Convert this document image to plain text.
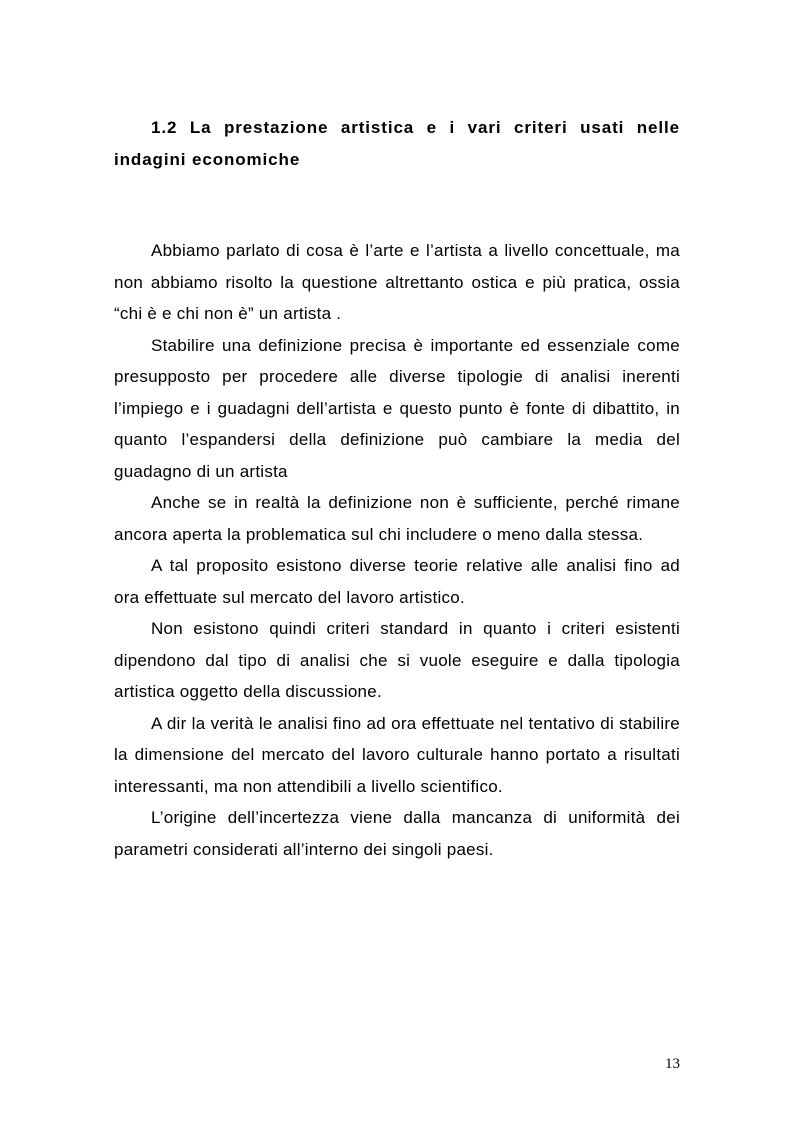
1.2 La prestazione artistica e i vari criteri usati nelle indagini economiche

Abbiamo parlato di cosa è l’arte e l’artista a livello concettuale, ma non abbiamo risolto la questione altrettanto ostica e più pratica, ossia “chi è e chi non è” un artista .

Stabilire una definizione precisa è importante ed essenziale come presupposto per procedere alle diverse tipologie di analisi inerenti l’impiego e i guadagni dell’artista e questo punto è fonte di dibattito, in quanto l’espandersi della definizione può cambiare la media del guadagno di un artista

Anche se in realtà la definizione non è sufficiente, perché rimane ancora aperta la problematica sul chi includere o meno dalla stessa.

A tal proposito esistono diverse teorie relative alle analisi fino ad ora effettuate sul mercato del lavoro artistico.

Non esistono quindi criteri standard in quanto i criteri esistenti dipendono dal tipo di analisi che si vuole eseguire e dalla tipologia artistica oggetto della discussione.

A dir la verità le analisi fino ad ora effettuate nel tentativo di stabilire la dimensione del mercato del lavoro culturale hanno portato a risultati interessanti, ma non attendibili a livello scientifico.

L’origine dell’incertezza viene dalla mancanza di uniformità dei parametri considerati all’interno dei singoli paesi.

13
